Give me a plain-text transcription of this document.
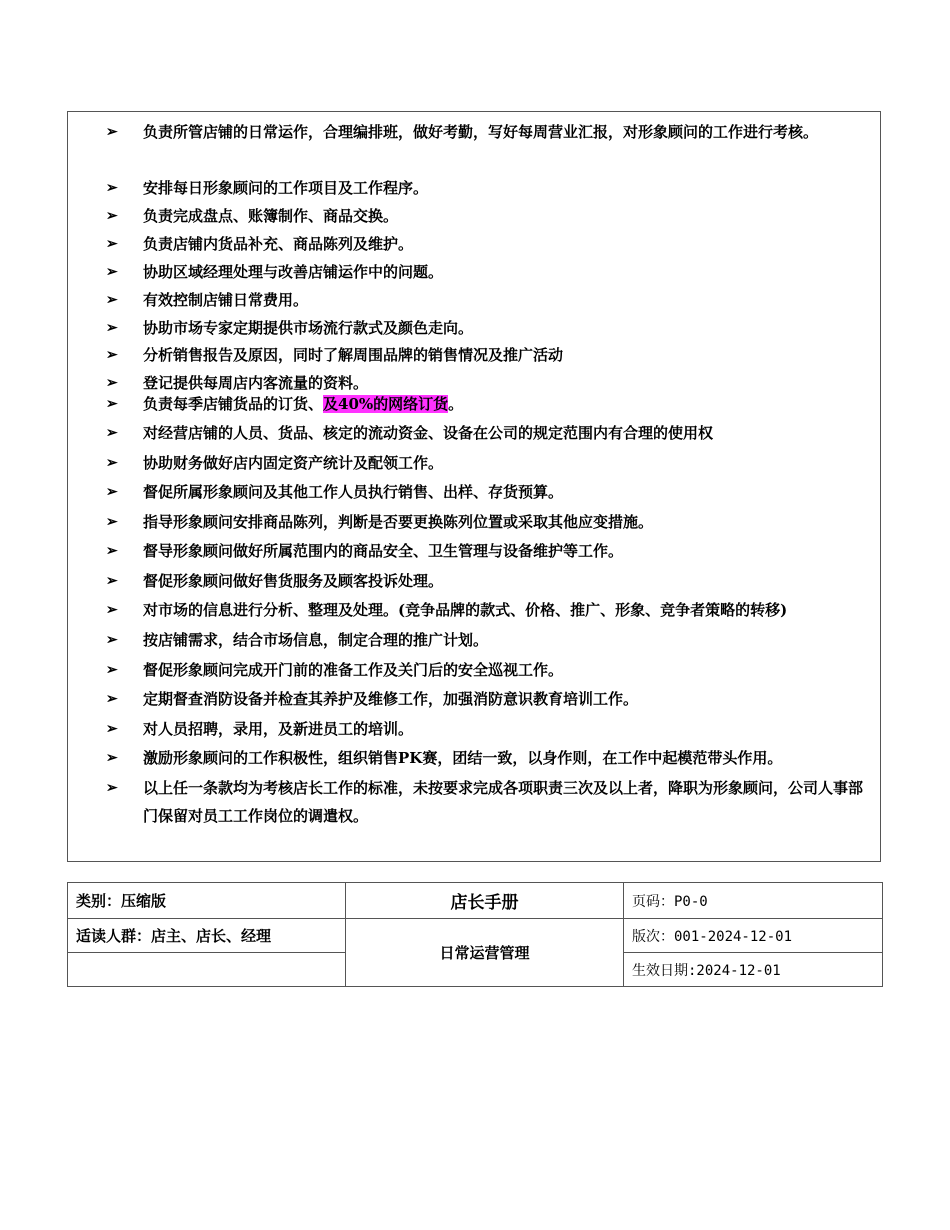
➢	负责所管店铺的日常运作，合理编排班，做好考勤，写好每周营业汇报，对形象顾问的工作进行考核。
➢	安排每日形象顾问的工作项目及工作程序。
➢	负责完成盘点、账簿制作、商品交换。
➢	负责店铺内货品补充、商品陈列及维护。
➢	协助区域经理处理与改善店铺运作中的问题。
➢	有效控制店铺日常费用。
➢	协助市场专家定期提供市场流行款式及颜色走向。
➢	分析销售报告及原因，同时了解周围品牌的销售情况及推广活动
➢	登记提供每周店内客流量的资料。
➢	负责每季店铺货品的订货、及40%的网络订货。
➢	对经营店铺的人员、货品、核定的流动资金、设备在公司的规定范围内有合理的使用权
➢	协助财务做好店内固定资产统计及配领工作。
➢	督促所属形象顾问及其他工作人员执行销售、出样、存货预算。
➢	指导形象顾问安排商品陈列，判断是否要更换陈列位置或采取其他应变措施。
➢	督导形象顾问做好所属范围内的商品安全、卫生管理与设备维护等工作。
➢	督促形象顾问做好售货服务及顾客投诉处理。
➢	对市场的信息进行分析、整理及处理。(竞争品牌的款式、价格、推广、形象、竞争者策略的转移)
➢	按店铺需求，结合市场信息，制定合理的推广计划。
➢	督促形象顾问完成开门前的准备工作及关门后的安全巡视工作。
➢	定期督查消防设备并检查其养护及维修工作，加强消防意识教育培训工作。
➢	对人员招聘，录用，及新进员工的培训。
➢	激励形象顾问的工作积极性，组织销售PK赛，团结一致，以身作则，在工作中起模范带头作用。
➢	以上任一条款均为考核店长工作的标准，未按要求完成各项职责三次及以上者，降职为形象顾问，公司人事部门保留对员工工作岗位的调遣权。
类别：压缩版	店长手册	页码：P0-0
适读人群：店主、店长、经理	日常运营管理	版次：001-2024-12-01
		生效日期:2024-12-01
